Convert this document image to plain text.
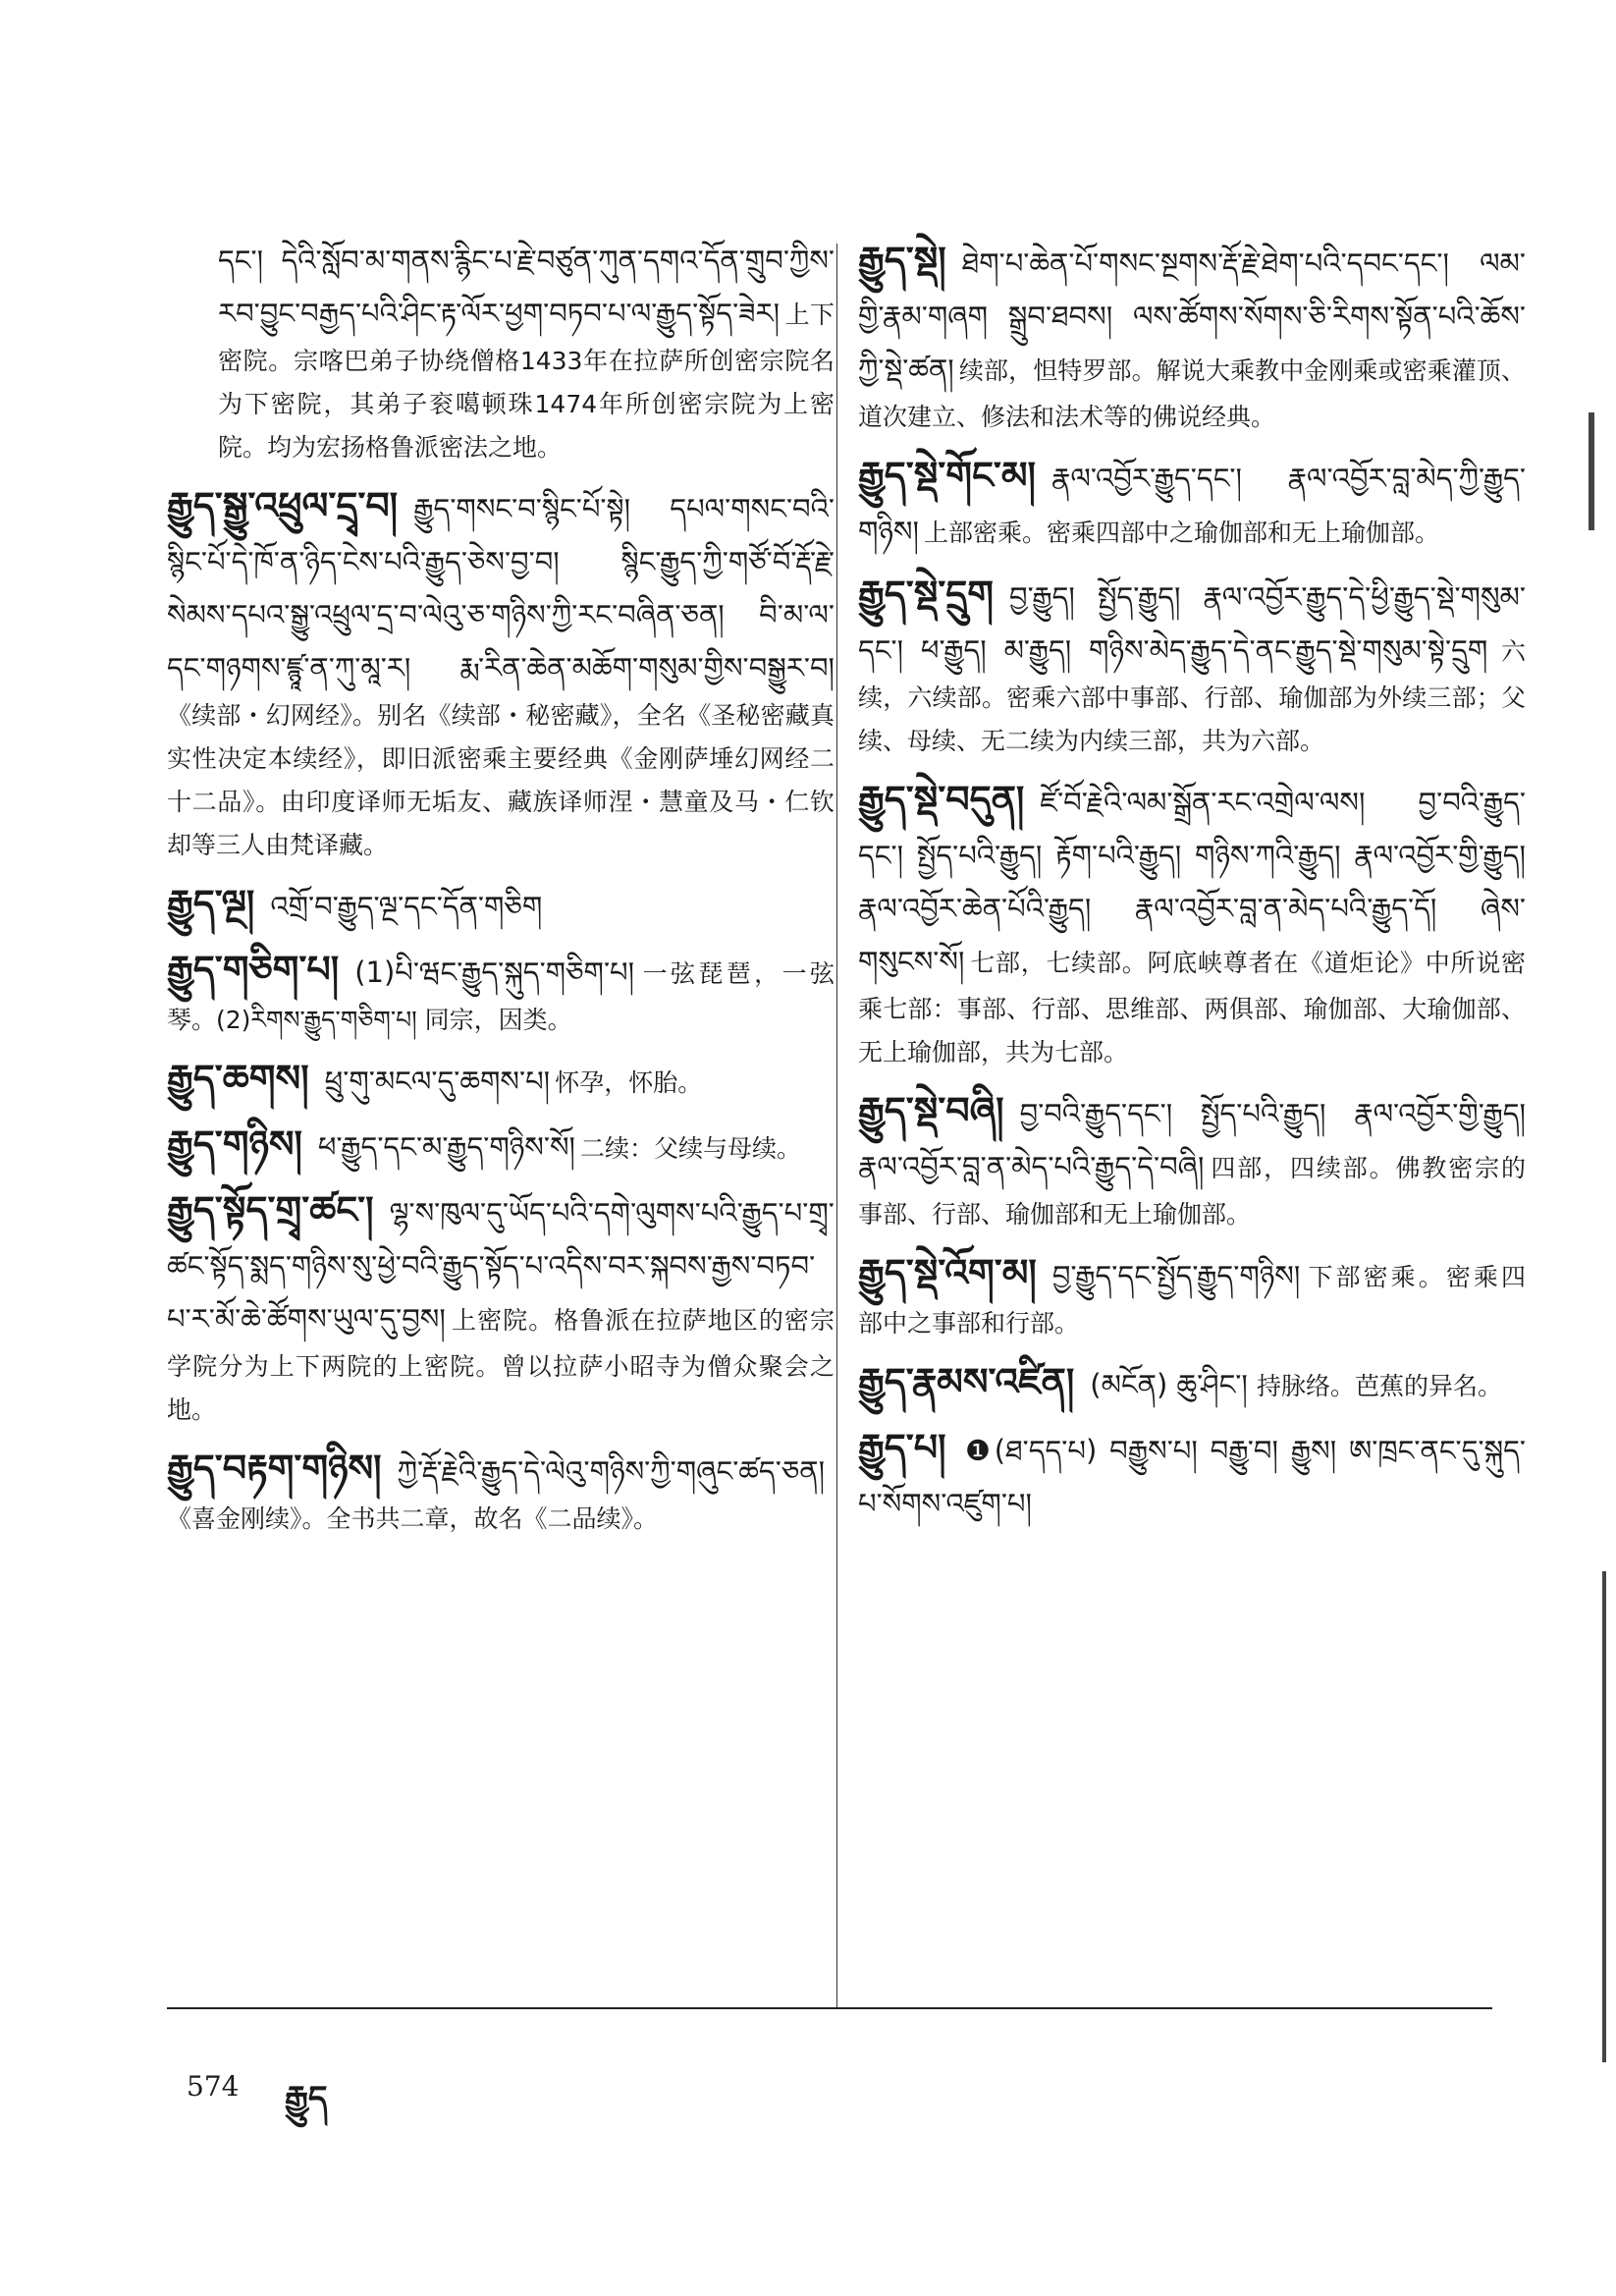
དང་། དེའི་སློབ་མ་གནས་རྙིང་པ་རྗེ་བཙུན་ཀུན་དགའ་དོན་གྲུབ་ཀྱིས་རབ་བྱུང་བརྒྱད་པའི་ཤིང་རྟ་ལོར་ཕྱག་བཏབ་པ་ལ་རྒྱུད་སྟོད་ཟེར། 上下密院。宗喀巴弟子协绕僧格1433年在拉萨所创密宗院名为下密院，其弟子衮噶顿珠1474年所创密宗院为上密院。均为宏扬格鲁派密法之地。
རྒྱུད་སྒྱུ་འཕྲུལ་དྲྭ་བ།  རྒྱུད་གསང་བ་སྙིང་པོ་སྟེ། དཔལ་གསང་བའི་སྙིང་པོ་དེ་ཁོ་ན་ཉིད་ངེས་པའི་རྒྱུད་ཅེས་བྱ་བ། སྙིང་རྒྱུད་ཀྱི་གཙོ་བོ་རྡོ་རྗེ་སེམས་དཔའ་སྒྱུ་འཕྲུལ་དྲ་བ་ལེའུ་ཅ་གཉིས་ཀྱི་རང་བཞིན་ཅན། བི་མ་ལ་དང་གཉགས་ཛྙཱ་ན་ཀུ་མཱ་ར། རྨ་རིན་ཆེན་མཆོག་གསུམ་གྱིས་བསྒྱུར་བ། 《续部・幻网经》。别名《续部・秘密藏》，全名《圣秘密藏真实性决定本续经》，即旧派密乘主要经典《金刚萨埵幻网经二十二品》。由印度译师无垢友、藏族译师涅・慧童及马・仁钦却等三人由梵译藏。
རྒྱུད་ལྔ།  འགྲོ་བ་རྒྱུད་ལྔ་དང་དོན་གཅིག
རྒྱུད་གཅིག་པ།  (1)པི་ཝང་རྒྱུད་སྐུད་གཅིག་པ། 一弦琵琶，一弦琴。(2)རིགས་རྒྱུད་གཅིག་པ། 同宗，因类。
རྒྱུད་ཆགས།  ཕྲུ་གུ་མངལ་དུ་ཆགས་པ། 怀孕，怀胎。
རྒྱུད་གཉིས།  ཕ་རྒྱུད་དང་མ་རྒྱུད་གཉིས་སོ། 二续：父续与母续。
རྒྱུད་སྟོད་གྲྭ་ཚང་།  ལྷ་ས་ཁུལ་དུ་ཡོད་པའི་དགེ་ལུགས་པའི་རྒྱུད་པ་གྲྭ་ཚང་སྟོད་སྨད་གཉིས་སུ་ཕྱེ་བའི་རྒྱུད་སྟོད་པ་འདིས་བར་སྐབས་རྒྱས་བཏབ་པ་ར་མོ་ཆེ་ཚོགས་ཡུལ་དུ་བྱས། 上密院。格鲁派在拉萨地区的密宗学院分为上下两院的上密院。曾以拉萨小昭寺为僧众聚会之地。
རྒྱུད་བརྟག་གཉིས།  ཀྱེ་རྡོ་རྗེའི་རྒྱུད་དེ་ལེའུ་གཉིས་ཀྱི་གཞུང་ཚད་ཅན། 《喜金刚续》。全书共二章，故名《二品续》。
རྒྱུད་སྡེ།  ཐེག་པ་ཆེན་པོ་གསང་སྔགས་རྡོ་རྗེ་ཐེག་པའི་དབང་དང་། ལམ་གྱི་རྣམ་གཞག སྒྲུབ་ཐབས། ལས་ཚོགས་སོགས་ཅི་རིགས་སྟོན་པའི་ཆོས་ཀྱི་སྡེ་ཚན། 续部，怛特罗部。解说大乘教中金刚乘或密乘灌顶、道次建立、修法和法术等的佛说经典。
རྒྱུད་སྡེ་གོང་མ།  རྣལ་འབྱོར་རྒྱུད་དང་། རྣལ་འབྱོར་བླ་མེད་ཀྱི་རྒྱུད་གཉིས། 上部密乘。密乘四部中之瑜伽部和无上瑜伽部。
རྒྱུད་སྡེ་དྲུག  བྱ་རྒྱུད། སྤྱོད་རྒྱུད། རྣལ་འབྱོར་རྒྱུད་དེ་ཕྱི་རྒྱུད་སྡེ་གསུམ་དང་། ཕ་རྒྱུད། མ་རྒྱུད། གཉིས་མེད་རྒྱུད་དེ་ནང་རྒྱུད་སྡེ་གསུམ་སྟེ་དྲུག 六续，六续部。密乘六部中事部、行部、瑜伽部为外续三部；父续、母续、无二续为内续三部，共为六部。
རྒྱུད་སྡེ་བདུན།  ཛོ་བོ་རྗེའི་ལམ་སྒྲོན་རང་འགྲེལ་ལས། བྱ་བའི་རྒྱུད་དང་། སྤྱོད་པའི་རྒྱུད། རྟོག་པའི་རྒྱུད། གཉིས་ཀའི་རྒྱུད། རྣལ་འབྱོར་གྱི་རྒྱུད། རྣལ་འབྱོར་ཆེན་པོའི་རྒྱུད། རྣལ་འབྱོར་བླ་ན་མེད་པའི་རྒྱུད་དོ། ཞེས་གསུངས་སོ། 七部，七续部。阿底峡尊者在《道炬论》中所说密乘七部：事部、行部、思维部、两俱部、瑜伽部、大瑜伽部、无上瑜伽部，共为七部。
རྒྱུད་སྡེ་བཞི།  བྱ་བའི་རྒྱུད་དང་། སྤྱོད་པའི་རྒྱུད། རྣལ་འབྱོར་གྱི་རྒྱུད། རྣལ་འབྱོར་བླ་ན་མེད་པའི་རྒྱུད་དེ་བཞི། 四部，四续部。佛教密宗的事部、行部、瑜伽部和无上瑜伽部。
རྒྱུད་སྡེ་འོག་མ།  བྱ་རྒྱུད་དང་སྤྱོད་རྒྱུད་གཉིས། 下部密乘。密乘四部中之事部和行部。
རྒྱུད་རྣམས་འཛིན།  (མངོན) ཆུ་ཤིང་། 持脉络。芭蕉的异名。
རྒྱུད་པ།  ❶(ཐ་དད་པ) བརྒྱུས་པ། བརྒྱུ་བ། རྒྱུས། ཨ་ཁྲང་ནང་དུ་སྐུད་པ་སོགས་འཛུག་པ།
574 རྒྱུད
